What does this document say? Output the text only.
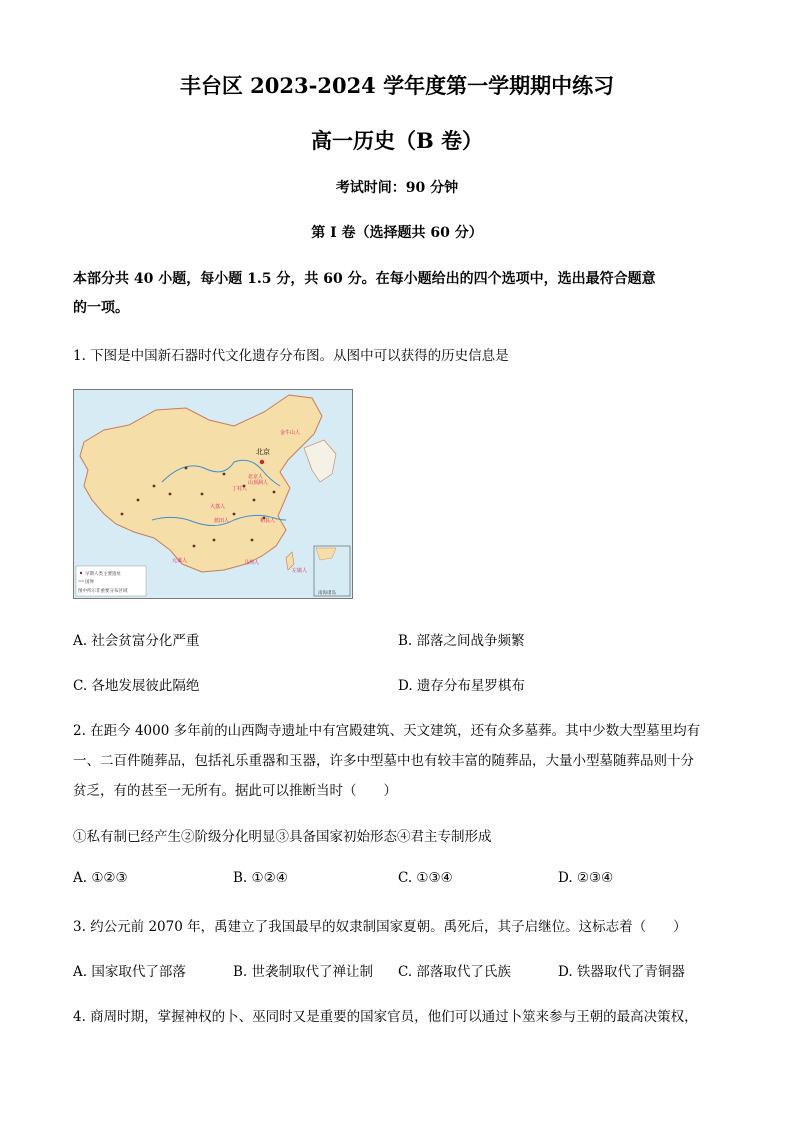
丰台区 2023-2024 学年度第一学期期中练习
高一历史（B 卷）
考试时间：90 分钟
第 I 卷（选择题共 60 分）
本部分共 40 小题，每小题 1.5 分，共 60 分。在每小题给出的四个选项中，选出最符合题意
的一项。
1. 下图是中国新石器时代文化遗存分布图。从图中可以获得的历史信息是
北京
金牛山人
北京人
山顶洞人
丁村人
蓝田人
元谋人	马坝人
和县人
左镇人
大荔人
早期人类主要遗址
国界
图中所示非重要分布区域	南海诸岛
A. 社会贫富分化严重	B. 部落之间战争频繁
C. 各地发展彼此隔绝	D. 遗存分布星罗棋布
2. 在距今 4000 多年前的山西陶寺遗址中有宫殿建筑、天文建筑，还有众多墓葬。其中少数大型墓里均有
一、二百件随葬品，包括礼乐重器和玉器，许多中型墓中也有较丰富的随葬品，大量小型墓随葬品则十分
贫乏，有的甚至一无所有。据此可以推断当时（　　）
①私有制已经产生②阶级分化明显③具备国家初始形态④君主专制形成
A. ①②③	B. ①②④	C. ①③④	D. ②③④
3. 约公元前 2070 年，禹建立了我国最早的奴隶制国家夏朝。禹死后，其子启继位。这标志着（　　）
A. 国家取代了部落	B. 世袭制取代了禅让制 C. 部落取代了氏族	D. 铁器取代了青铜器
4. 商周时期，掌握神权的卜、巫同时又是重要的国家官员，他们可以通过卜筮来参与王朝的最高决策权，
